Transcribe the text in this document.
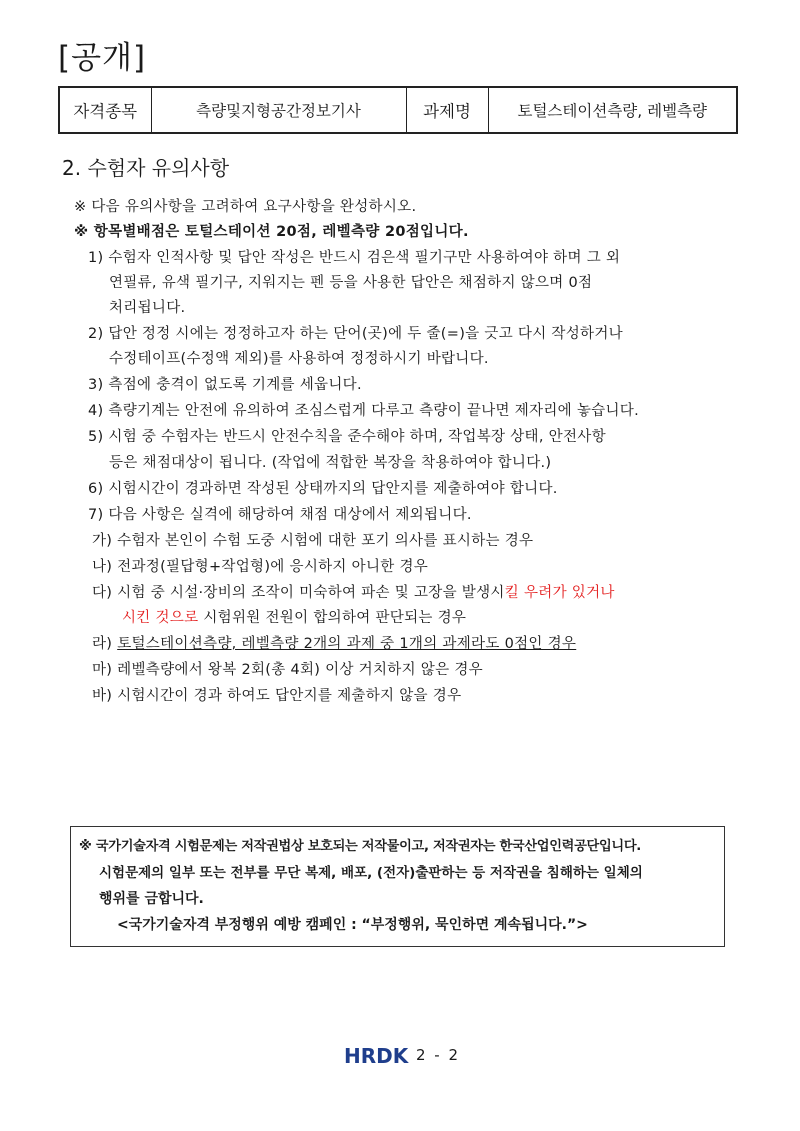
[공개]
자격종목	측량및지형공간정보기사	과제명	토털스테이션측량, 레벨측량
2. 수험자 유의사항
※ 다음 유의사항을 고려하여 요구사항을 완성하시오.
※ 항목별배점은 토털스테이션 20점, 레벨측량 20점입니다.
1) 수험자 인적사항 및 답안 작성은 반드시 검은색 필기구만 사용하여야 하며 그 외
연필류, 유색 필기구, 지워지는 펜 등을 사용한 답안은 채점하지 않으며 0점
처리됩니다.
2) 답안 정정 시에는 정정하고자 하는 단어(곳)에 두 줄(=)을 긋고 다시 작성하거나
수정테이프(수정액 제외)를 사용하여 정정하시기 바랍니다.
3) 측점에 충격이 없도록 기계를 세웁니다.
4) 측량기계는 안전에 유의하여 조심스럽게 다루고 측량이 끝나면 제자리에 놓습니다.
5) 시험 중 수험자는 반드시 안전수칙을 준수해야 하며, 작업복장 상태, 안전사항
등은 채점대상이 됩니다. (작업에 적합한 복장을 착용하여야 합니다.)
6) 시험시간이 경과하면 작성된 상태까지의 답안지를 제출하여야 합니다.
7) 다음 사항은 실격에 해당하여 채점 대상에서 제외됩니다.
가) 수험자 본인이 수험 도중 시험에 대한 포기 의사를 표시하는 경우
나) 전과정(필답형+작업형)에 응시하지 아니한 경우
다) 시험 중 시설·장비의 조작이 미숙하여 파손 및 고장을 발생시킬 우려가 있거나
시킨 것으로 시험위원 전원이 합의하여 판단되는 경우
라) 토털스테이션측량, 레벨측량 2개의 과제 중 1개의 과제라도 0점인 경우
마) 레벨측량에서 왕복 2회(총 4회) 이상 거치하지 않은 경우
바) 시험시간이 경과 하여도 답안지를 제출하지 않을 경우
※ 국가기술자격 시험문제는 저작권법상 보호되는 저작물이고, 저작권자는 한국산업인력공단입니다.
시험문제의 일부 또는 전부를 무단 복제, 배포, (전자)출판하는 등 저작권을 침해하는 일체의
행위를 금합니다.
<국가기술자격 부정행위 예방 캠페인 : “부정행위, 묵인하면 계속됩니다.”>
HRDK 2 - 2
